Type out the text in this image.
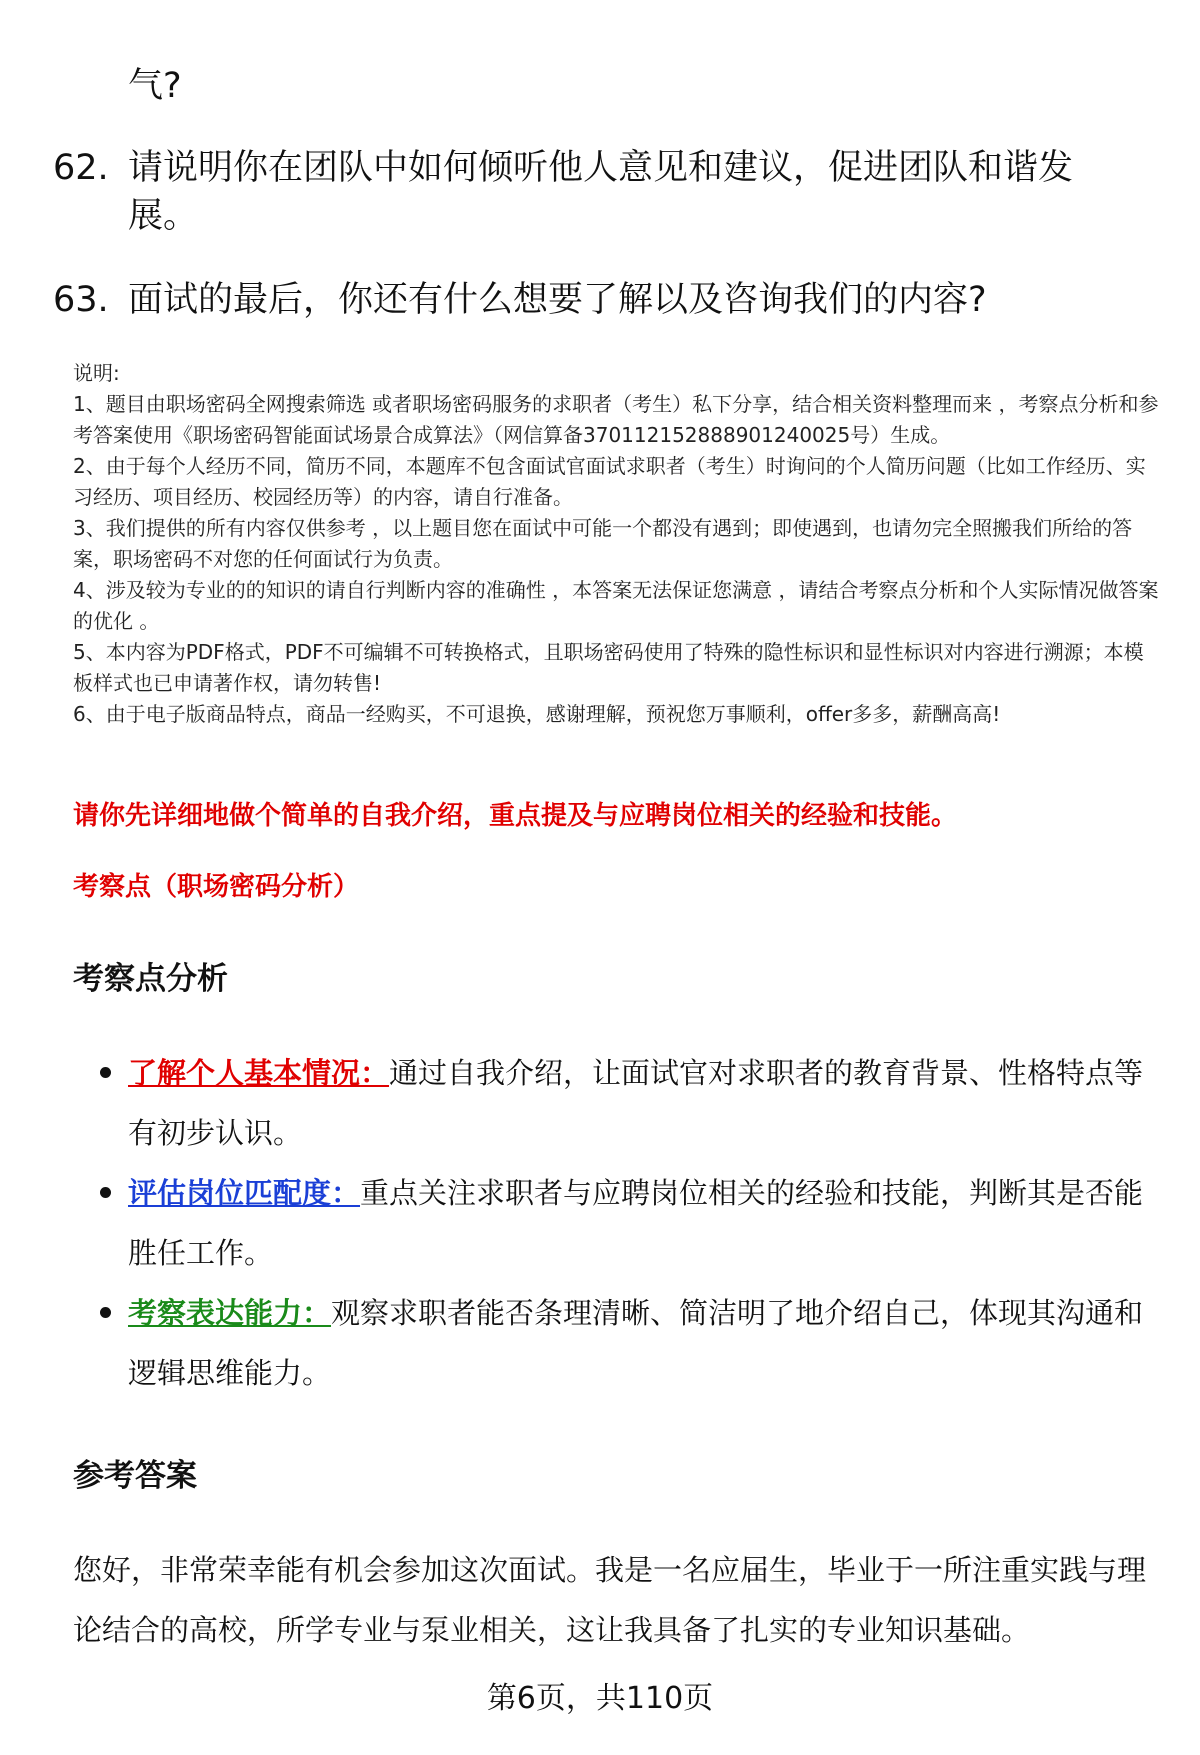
气?
62. 请说明你在团队中如何倾听他人意见和建议，促进团队和谐发展。
63. 面试的最后，你还有什么想要了解以及咨询我们的内容?
说明:
1、题目由职场密码全网搜索筛选 或者职场密码服务的求职者（考生）私下分享，结合相关资料整理而来 ，考察点分析和参考答案使用《职场密码智能面试场景合成算法》（网信算备370112152888901240025号）生成。
2、由于每个人经历不同，简历不同，本题库不包含面试官面试求职者（考生）时询问的个人简历问题（比如工作经历、实习经历、项目经历、校园经历等）的内容，请自行准备。
3、我们提供的所有内容仅供参考 ，以上题目您在面试中可能一个都没有遇到；即使遇到，也请勿完全照搬我们所给的答案，职场密码不对您的任何面试行为负责。
4、涉及较为专业的的知识的请自行判断内容的准确性 ，本答案无法保证您满意 ，请结合考察点分析和个人实际情况做答案的优化 。
5、本内容为PDF格式，PDF不可编辑不可转换格式，且职场密码使用了特殊的隐性标识和显性标识对内容进行溯源；本模板样式也已申请著作权，请勿转售!
6、由于电子版商品特点，商品一经购买，不可退换，感谢理解，预祝您万事顺利，offer多多，薪酬高高!
请你先详细地做个简单的自我介绍，重点提及与应聘岗位相关的经验和技能。
考察点（职场密码分析）
考察点分析
了解个人基本情况：通过自我介绍，让面试官对求职者的教育背景、性格特点等有初步认识。
评估岗位匹配度：重点关注求职者与应聘岗位相关的经验和技能，判断其是否能胜任工作。
考察表达能力：观察求职者能否条理清晰、简洁明了地介绍自己，体现其沟通和逻辑思维能力。
参考答案
您好，非常荣幸能有机会参加这次面试。我是一名应届生，毕业于一所注重实践与理论结合的高校，所学专业与泵业相关，这让我具备了扎实的专业知识基础。
第6页，共110页
